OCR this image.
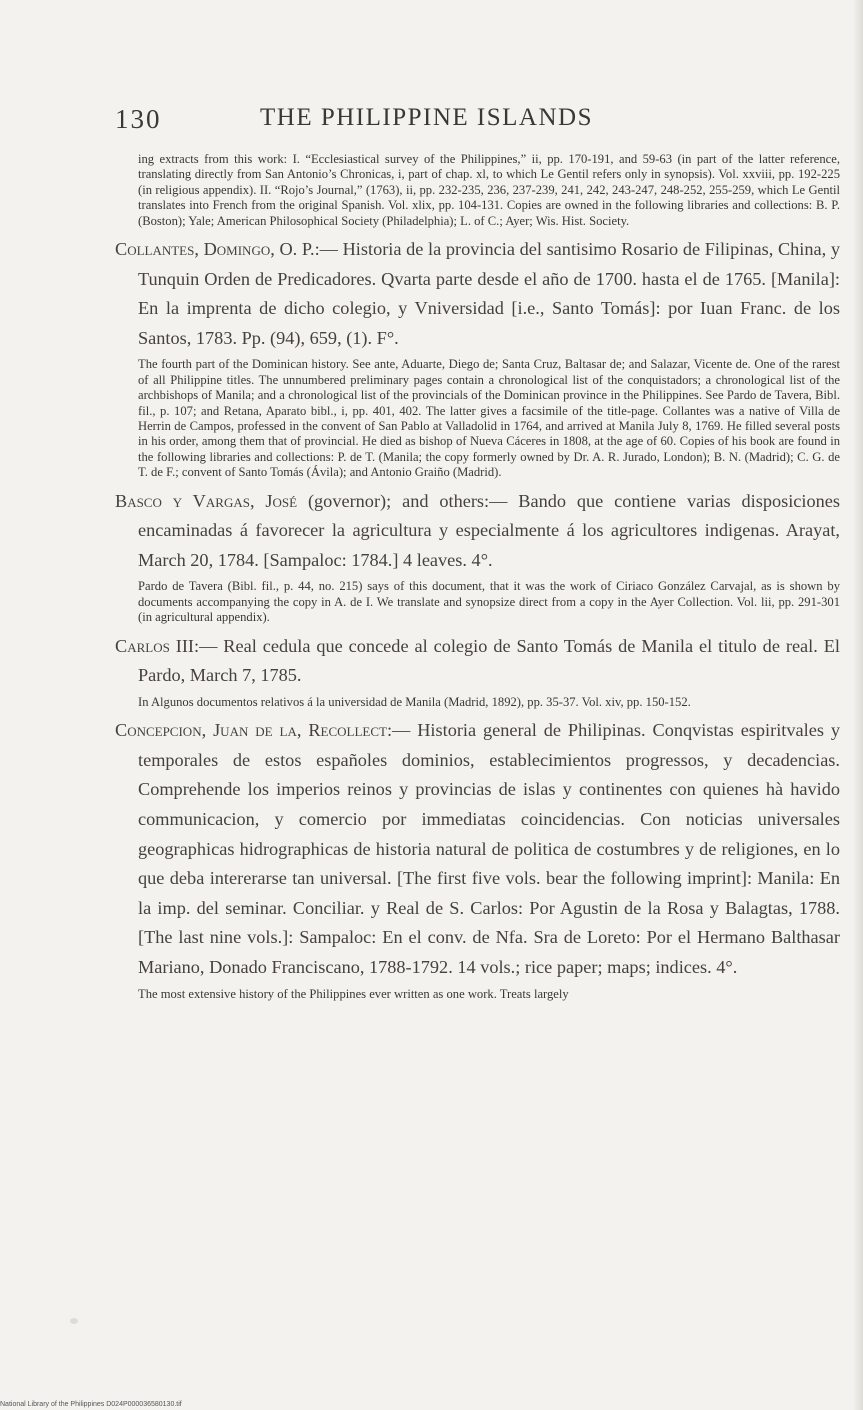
130	THE PHILIPPINE ISLANDS

ing extracts from this work: I. “Ecclesiastical survey of the Philippines,” ii, pp. 170-191, and 59-63 (in part of the latter reference, translating directly from San Antonio’s Chronicas, i, part of chap. xl, to which Le Gentil refers only in synopsis). Vol. xxviii, pp. 192-225 (in religious appendix). II. “Rojo’s Journal,” (1763), ii, pp. 232-235, 236, 237-239, 241, 242, 243-247, 248-252, 255-259, which Le Gentil translates into French from the original Spanish. Vol. xlix, pp. 104-131. Copies are owned in the following libraries and collections: B. P. (Boston); Yale; American Philosophical Society (Philadelphia); L. of C.; Ayer; Wis. Hist. Society.

Collantes, Domingo, O. P.:— Historia de la provincia del santisimo Rosario de Filipinas, China, y Tunquin Orden de Predicadores. Qvarta parte desde el año de 1700. hasta el de 1765. [Manila]: En la imprenta de dicho colegio, y Vniversidad [i.e., Santo Tomás]: por Iuan Franc. de los Santos, 1783. Pp. (94), 659, (1). F°.

The fourth part of the Dominican history. See ante, Aduarte, Diego de; Santa Cruz, Baltasar de; and Salazar, Vicente de. One of the rarest of all Philippine titles. The unnumbered preliminary pages contain a chronological list of the conquistadors; a chronological list of the archbishops of Manila; and a chronological list of the provincials of the Dominican province in the Philippines. See Pardo de Tavera, Bibl. fil., p. 107; and Retana, Aparato bibl., i, pp. 401, 402. The latter gives a facsimile of the title-page. Collantes was a native of Villa de Herrin de Campos, professed in the convent of San Pablo at Valladolid in 1764, and arrived at Manila July 8, 1769. He filled several posts in his order, among them that of provincial. He died as bishop of Nueva Cáceres in 1808, at the age of 60. Copies of his book are found in the following libraries and collections: P. de T. (Manila; the copy formerly owned by Dr. A. R. Jurado, London); B. N. (Madrid); C. G. de T. de F.; convent of Santo Tomás (Ávila); and Antonio Graiño (Madrid).

Basco y Vargas, José (governor); and others:— Bando que contiene varias disposiciones encaminadas á favorecer la agricultura y especialmente á los agricultores indigenas. Arayat, March 20, 1784. [Sampaloc: 1784.] 4 leaves. 4°.

Pardo de Tavera (Bibl. fil., p. 44, no. 215) says of this document, that it was the work of Ciriaco González Carvajal, as is shown by documents accompanying the copy in A. de I. We translate and synopsize direct from a copy in the Ayer Collection. Vol. lii, pp. 291-301 (in agricultural appendix).

Carlos III:— Real cedula que concede al colegio de Santo Tomás de Manila el titulo de real. El Pardo, March 7, 1785.

In Algunos documentos relativos á la universidad de Manila (Madrid, 1892), pp. 35-37. Vol. xiv, pp. 150-152.

Concepcion, Juan de la, Recollect:— Historia general de Philipinas. Conqvistas espiritvales y temporales de estos españoles dominios, establecimientos progressos, y decadencias. Comprehende los imperios reinos y provincias de islas y continentes con quienes hà havido communicacion, y comercio por immediatas coincidencias. Con noticias universales geographicas hidrographicas de historia natural de politica de costumbres y de religiones, en lo que deba intererarse tan universal. [The first five vols. bear the following imprint]: Manila: En la imp. del seminar. Conciliar. y Real de S. Carlos: Por Agustin de la Rosa y Balagtas, 1788. [The last nine vols.]: Sampaloc: En el conv. de Nfa. Sra de Loreto: Por el Hermano Balthasar Mariano, Donado Franciscano, 1788-1792. 14 vols.; rice paper; maps; indices. 4°.

The most extensive history of the Philippines ever written as one work. Treats largely

National Library of the Philippines D024P000036580130.tif
